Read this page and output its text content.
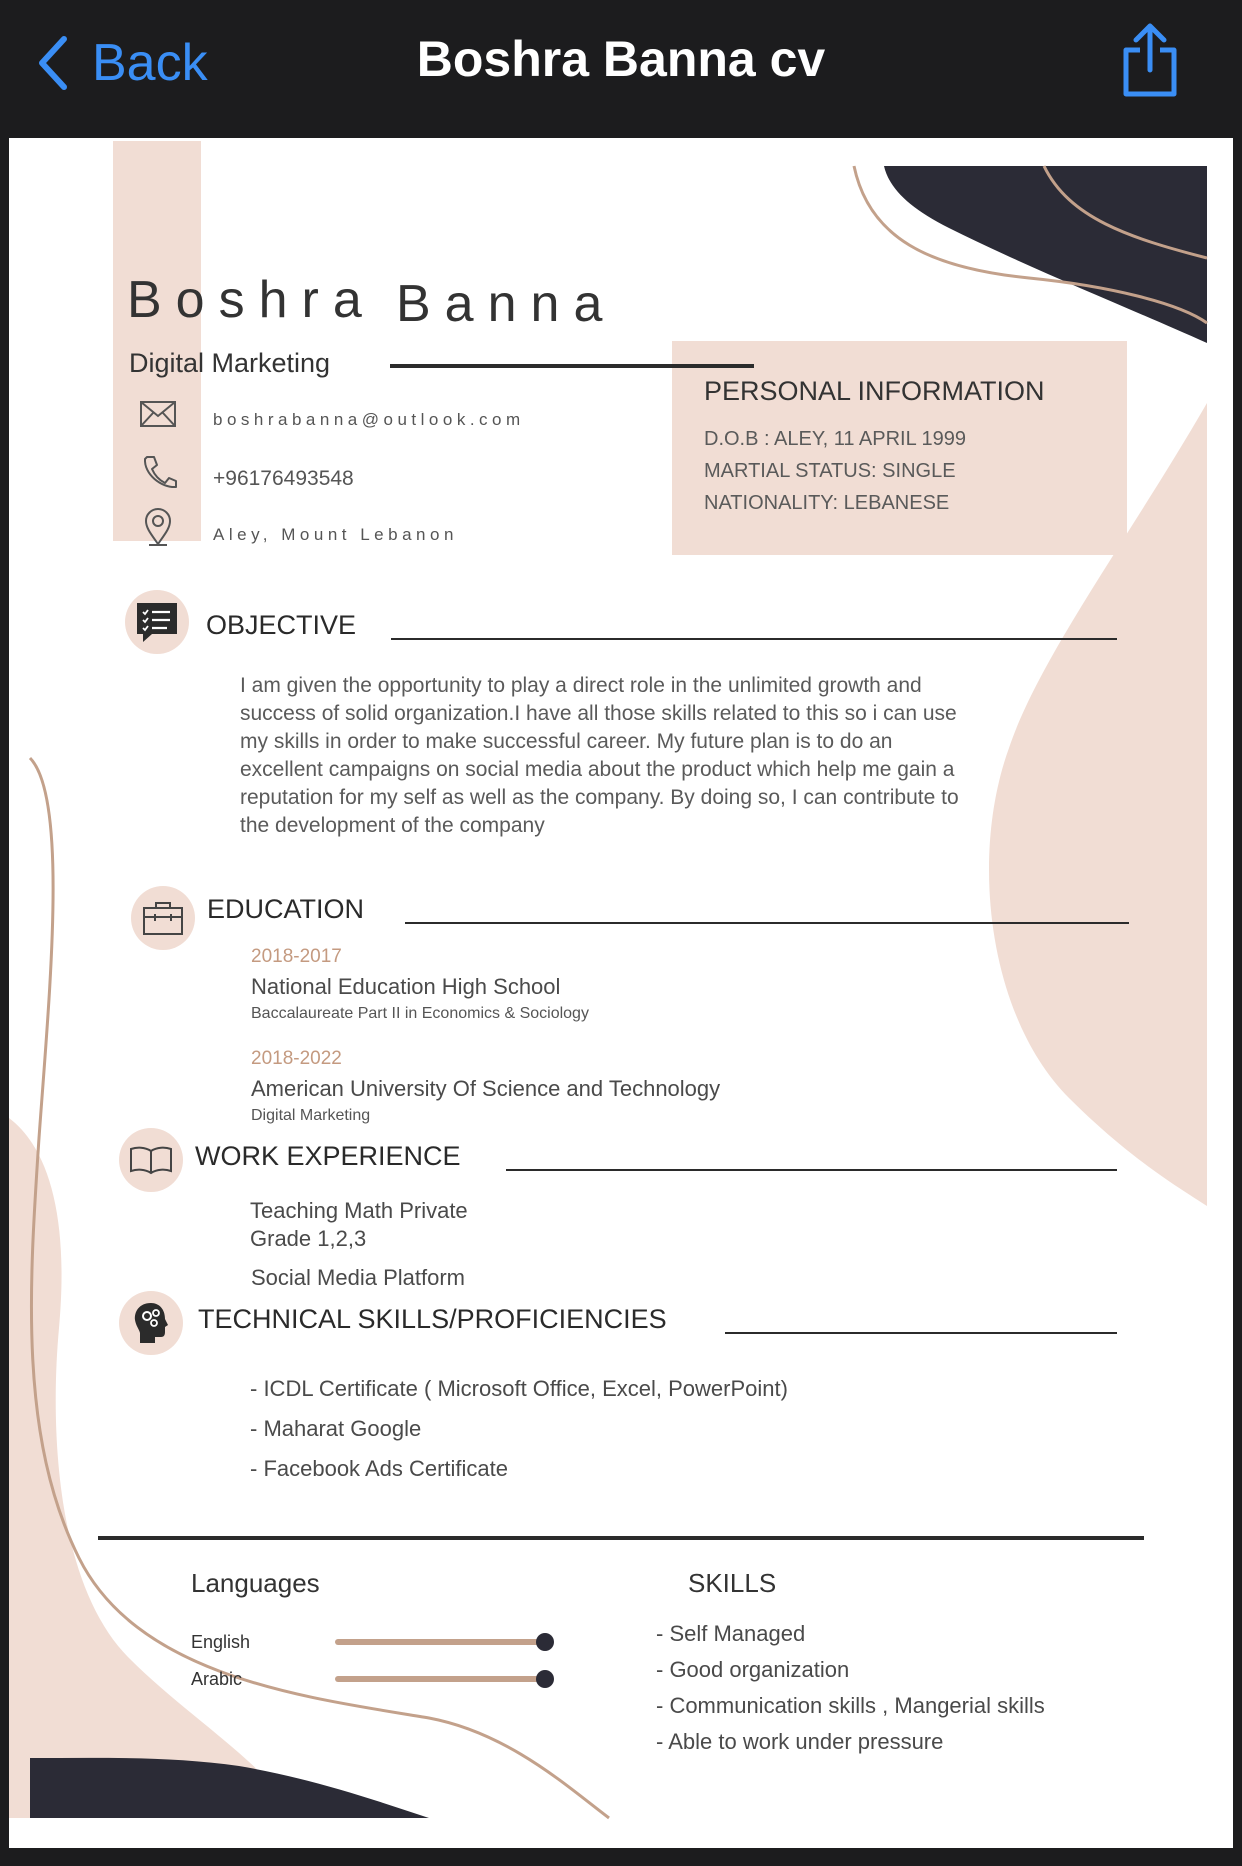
Back	Boshra Banna cv
Boshra Banna
Digital Marketing
boshrabanna@outlook.com
+96176493548
Aley, Mount Lebanon
PERSONAL INFORMATION
D.O.B : ALEY, 11 APRIL 1999
MARTIAL STATUS: SINGLE
NATIONALITY: LEBANESE
OBJECTIVE
I am given the opportunity to play a direct role in the unlimited growth and success of solid organization.I have all those skills related to this so i can use my skills in order to make successful career. My future plan is to do an excellent campaigns on social media about the product which help me gain a reputation for my self as well as the company. By doing so, I can contribute to the development of the company
EDUCATION
2018-2017
National Education High School
Baccalaureate Part II in Economics & Sociology
2018-2022
American University Of Science and Technology
Digital Marketing
WORK EXPERIENCE
Teaching Math Private
Grade 1,2,3
Social Media Platform
TECHNICAL SKILLS/PROFICIENCIES
- ICDL Certificate ( Microsoft Office, Excel, PowerPoint)
- Maharat Google
- Facebook Ads Certificate
Languages
English
Arabic
SKILLS
- Self Managed
- Good organization
- Communication skills , Mangerial skills
- Able to work under pressure
